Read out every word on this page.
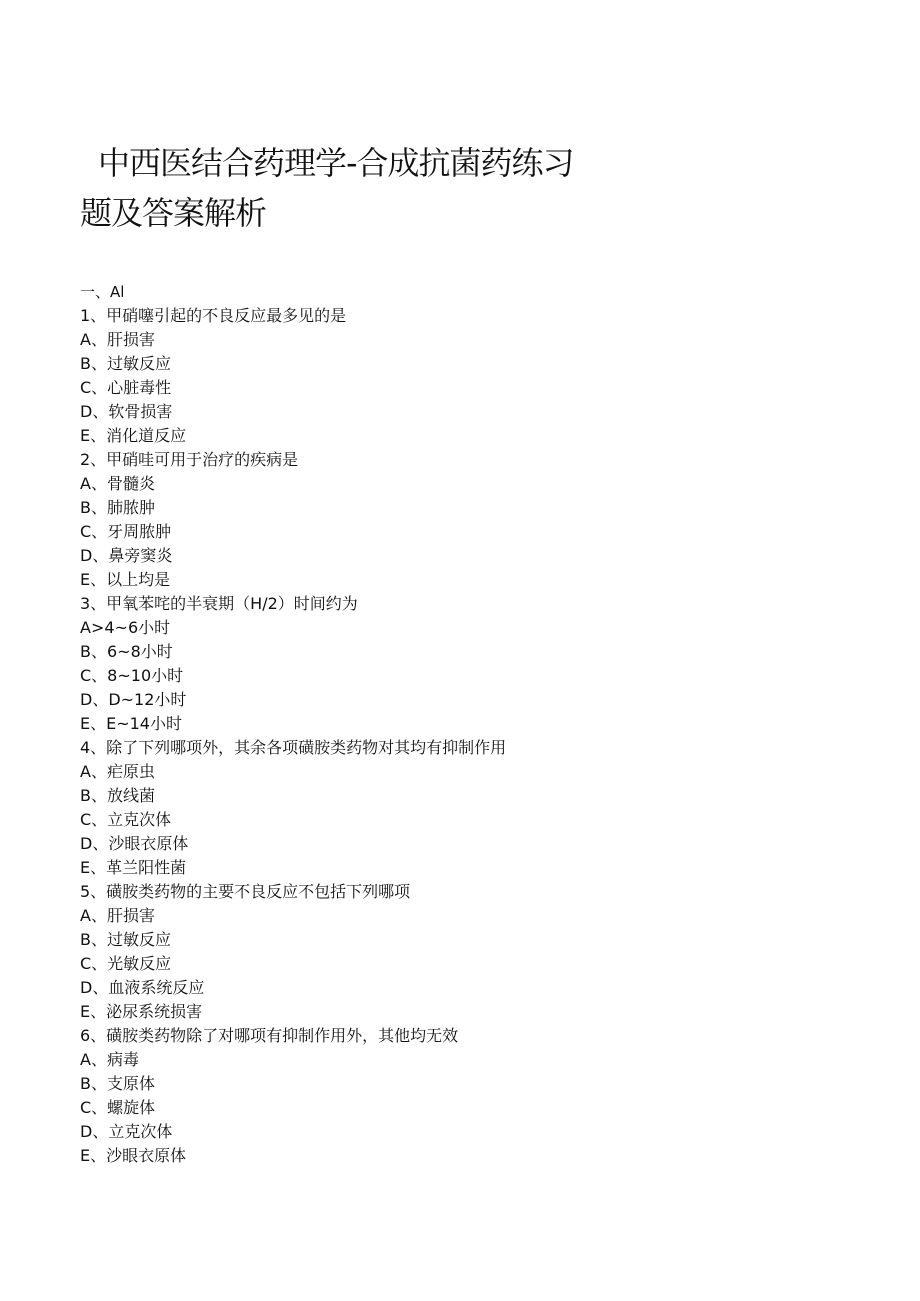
中西医结合药理学-合成抗菌药练习
题及答案解析
一、Al
1、甲硝噻引起的不良反应最多见的是
A、肝损害
B、过敏反应
C、心脏毒性
D、软骨损害
E、消化道反应
2、甲硝哇可用于治疗的疾病是
A、骨髓炎
B、肺脓肿
C、牙周脓肿
D、鼻旁窦炎
E、以上均是
3、甲氧苯咤的半衰期（H/2）时间约为
A>4~6小时
B、6~8小时
C、8~10小时
D、D~12小时
E、E~14小时
4、除了下列哪项外，其余各项磺胺类药物对其均有抑制作用
A、疟原虫
B、放线菌
C、立克次体
D、沙眼衣原体
E、革兰阳性菌
5、磺胺类药物的主要不良反应不包括下列哪项
A、肝损害
B、过敏反应
C、光敏反应
D、血液系统反应
E、泌尿系统损害
6、磺胺类药物除了对哪项有抑制作用外，其他均无效
A、病毒
B、支原体
C、螺旋体
D、立克次体
E、沙眼衣原体
